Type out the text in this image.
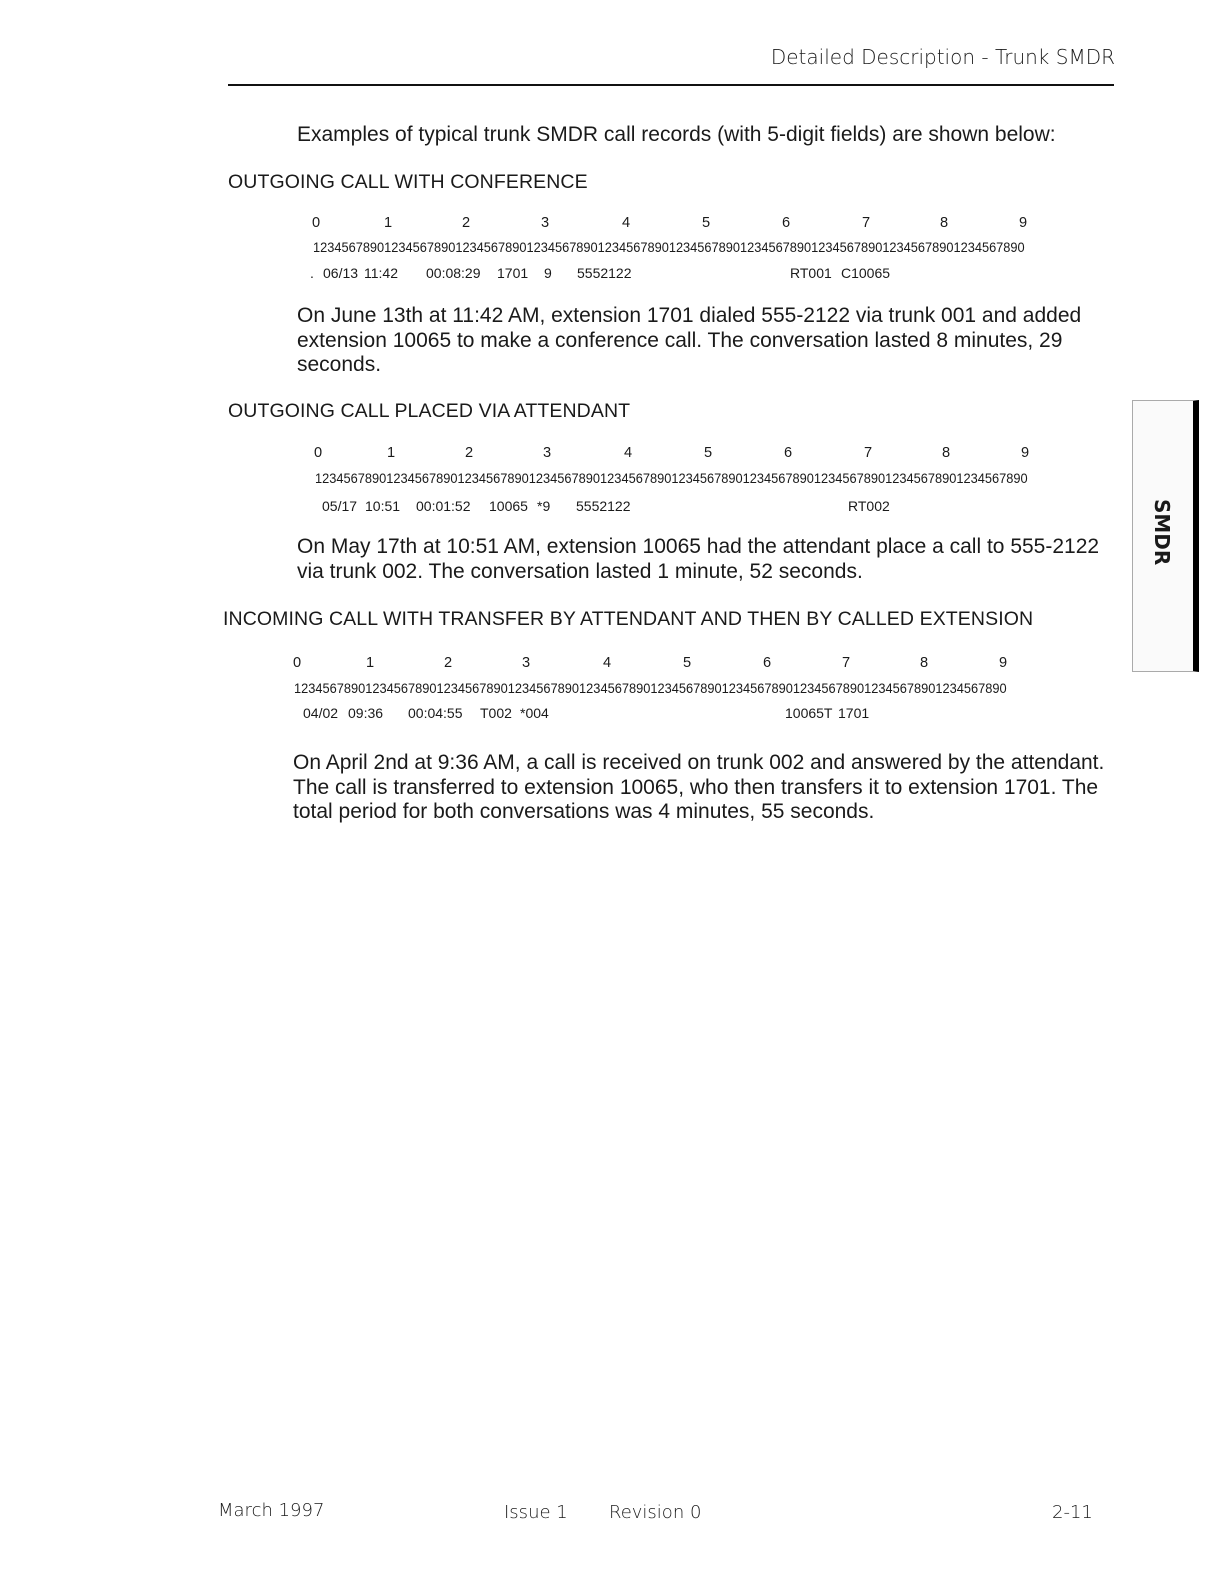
Detailed Description - Trunk SMDR
Examples of typical trunk SMDR call records (with 5-digit fields) are shown below:
OUTGOING CALL WITH CONFERENCE
0	1	2	3	4	5	6	7	8	9
1234567890123456789012345678901234567890123456789012345678901234567890123456789012345678901234567890
. 06/13 11:42 00:08:29 1701 9 5552122	RT001 C10065
On June 13th at 11:42 AM, extension 1701 dialed 555-2122 via trunk 001 and added extension 10065 to make a conference call. The conversation lasted 8 minutes, 29 seconds.
OUTGOING CALL PLACED VIA ATTENDANT
0	1	2	3	4	5	6	7	8	9
1234567890123456789012345678901234567890123456789012345678901234567890123456789012345678901234567890
05/17 10:51 00:01:52 10065 *9 5552122	RT002
On May 17th at 10:51 AM, extension 10065 had the attendant place a call to 555-2122 via trunk 002. The conversation lasted 1 minute, 52 seconds.
INCOMING CALL WITH TRANSFER BY ATTENDANT AND THEN BY CALLED EXTENSION
0	1	2	3	4	5	6	7	8	9
1234567890123456789012345678901234567890123456789012345678901234567890123456789012345678901234567890
04/02 09:36 00:04:55 T002 *004	10065T 1701
On April 2nd at 9:36 AM, a call is received on trunk 002 and answered by the attendant. The call is transferred to extension 10065, who then transfers it to extension 1701. The total period for both conversations was 4 minutes, 55 seconds.
SMDR
March 1997	Issue 1 Revision 0	2-11
